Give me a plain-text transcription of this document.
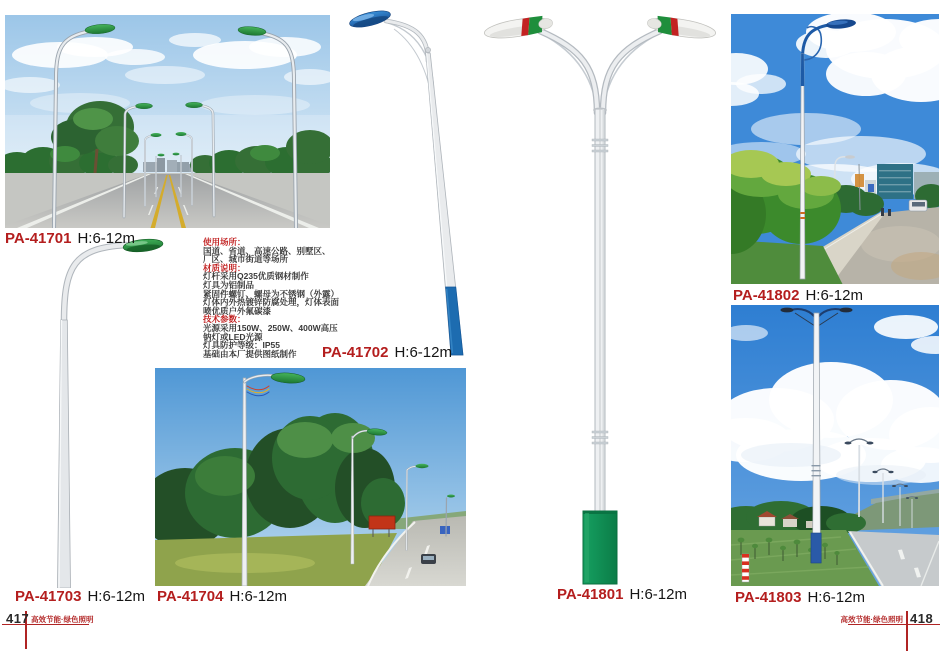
使用场所：
国道、省道、高速公路、别墅区、
厂区、城市街道等场所
材质说明：
灯杆采用Q235优质钢材制作
灯具为铝制品
紧固件螺钉、螺母为不锈钢（外露）
灯体内外热镀锌防腐处理，灯体表面
喷优质户外氟碳漆
技术参数：
光源采用150W、250W、400W高压
钠灯或LED光源
灯具防护等级：IP55
基础由本厂提供图纸制作
PA-41701 H:6-12m
PA-41702 H:6-12m
PA-41703 H:6-12m PA-41704 H:6-12m	PA-41801 H:6-12m
PA-41802 H:6-12m
PA-41803 H:6-12m
417 高效节能·绿色照明	高效节能·绿色照明 418
